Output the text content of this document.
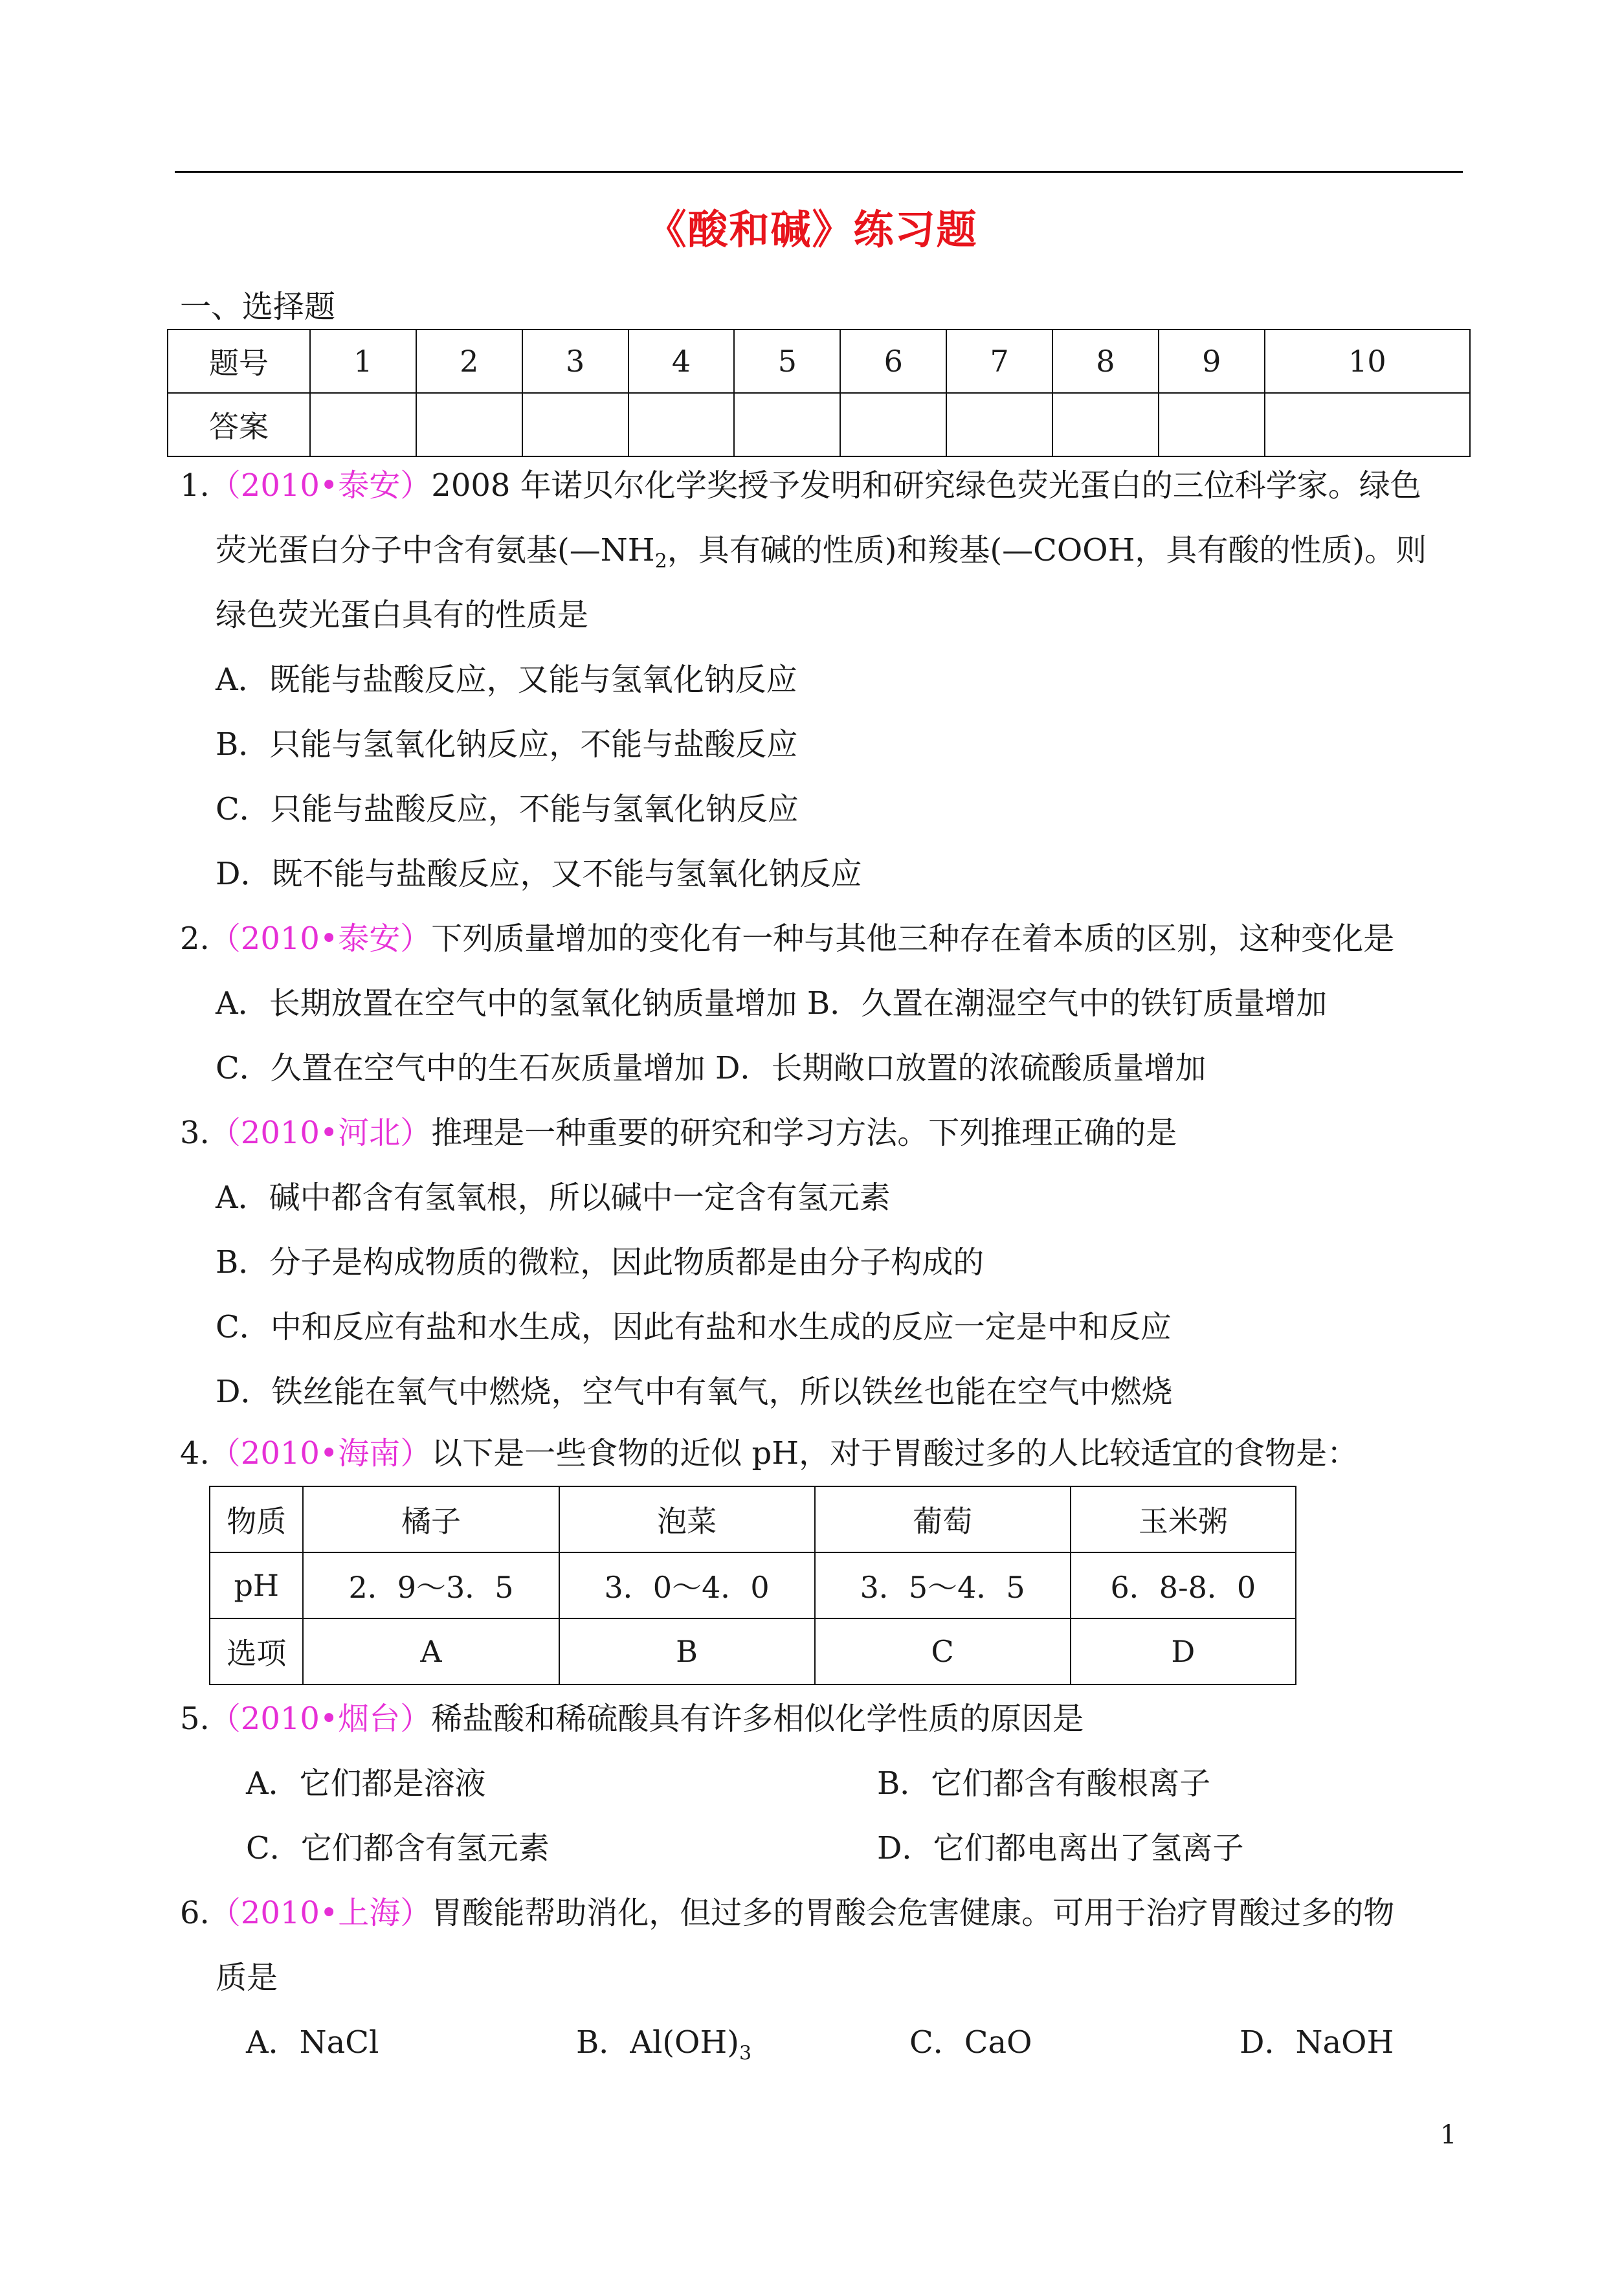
《酸和碱》练习题
一、选择题
题号	1	2	3	4	5	6	7	8	9	10
答案										
1.（2010•泰安）2008 年诺贝尔化学奖授予发明和研究绿色荧光蛋白的三位科学家。绿色
荧光蛋白分子中含有氨基($—NH_2$，具有碱的性质)和羧基(—COOH，具有酸的性质)。则
绿色荧光蛋白具有的性质是
A．既能与盐酸反应，又能与氢氧化钠反应
B．只能与氢氧化钠反应，不能与盐酸反应
C．只能与盐酸反应，不能与氢氧化钠反应
D．既不能与盐酸反应，又不能与氢氧化钠反应
2.（2010•泰安）下列质量增加的变化有一种与其他三种存在着本质的区别，这种变化是
A．长期放置在空气中的氢氧化钠质量增加 B．久置在潮湿空气中的铁钉质量增加
C．久置在空气中的生石灰质量增加 D．长期敞口放置的浓硫酸质量增加
3.（2010•河北）推理是一种重要的研究和学习方法。下列推理正确的是
A．碱中都含有氢氧根，所以碱中一定含有氢元素
B．分子是构成物质的微粒，因此物质都是由分子构成的
C．中和反应有盐和水生成，因此有盐和水生成的反应一定是中和反应
D．铁丝能在氧气中燃烧，空气中有氧气，所以铁丝也能在空气中燃烧
4.（2010•海南）以下是一些食物的近似 pH，对于胃酸过多的人比较适宜的食物是：
物质	橘子	泡菜	葡萄	玉米粥
pH	2．9～3．5	3．0～4．0	3．5～4．5	6．8-8．0
选项	A	B	C	D
5.（2010•烟台）稀盐酸和稀硫酸具有许多相似化学性质的原因是
A．它们都是溶液	B．它们都含有酸根离子
C．它们都含有氢元素	D．它们都电离出了氢离子
6.（2010•上海）胃酸能帮助消化，但过多的胃酸会危害健康。可用于治疗胃酸过多的物
质是
A．NaCl	B．$Al(OH)_3$	C．CaO	D．NaOH
1
